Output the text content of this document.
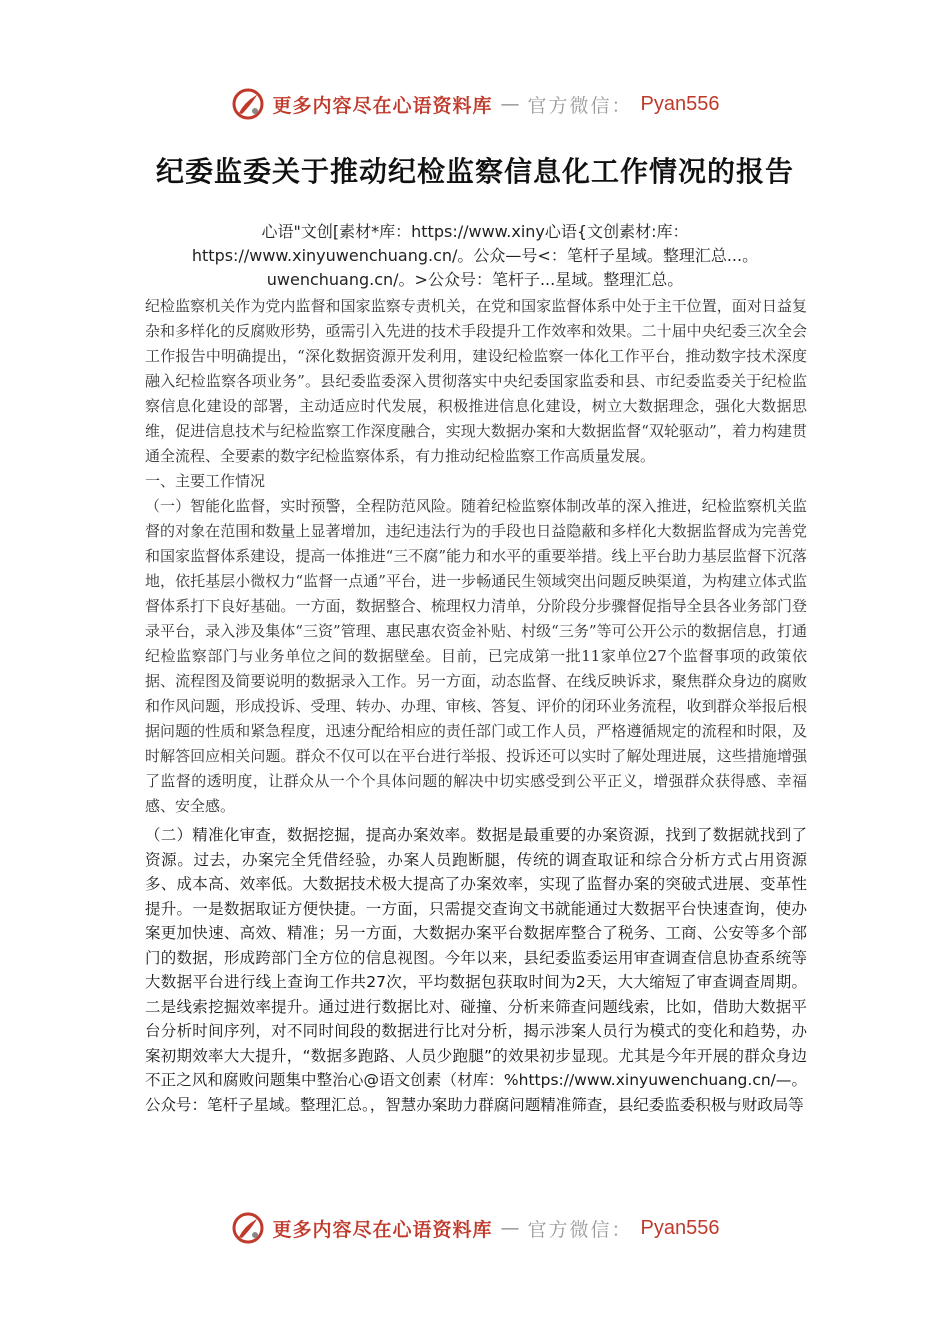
更多内容尽在心语资料库 — 官方微信： Pyan556
纪委监委关于推动纪检监察信息化工作情况的报告

心语"文创[素材*库：https://www.xiny心语{文创素材:库：https://www.xinyuwenchuang.cn/。公众—号<：笔杆子星域。整理汇总...。uwenchuang.cn/。>公众号：笔杆子...星域。整理汇总。

纪检监察机关作为党内监督和国家监察专责机关，在党和国家监督体系中处于主干位置，面对日益复杂和多样化的反腐败形势，亟需引入先进的技术手段提升工作效率和效果。二十届中央纪委三次全会工作报告中明确提出，“深化数据资源开发利用，建设纪检监察一体化工作平台，推动数字技术深度融入纪检监察各项业务”。县纪委监委深入贯彻落实中央纪委国家监委和县、市纪委监委关于纪检监察信息化建设的部署，主动适应时代发展，积极推进信息化建设，树立大数据理念，强化大数据思维，促进信息技术与纪检监察工作深度融合，实现大数据办案和大数据监督“双轮驱动”，着力构建贯通全流程、全要素的数字纪检监察体系，有力推动纪检监察工作高质量发展。

一、主要工作情况

（一）智能化监督，实时预警，全程防范风险。随着纪检监察体制改革的深入推进，纪检监察机关监督的对象在范围和数量上显著增加，违纪违法行为的手段也日益隐蔽和多样化大数据监督成为完善党和国家监督体系建设，提高一体推进“三不腐”能力和水平的重要举措。线上平台助力基层监督下沉落地，依托基层小微权力“监督一点通”平台，进一步畅通民生领域突出问题反映渠道，为构建立体式监督体系打下良好基础。一方面，数据整合、梳理权力清单，分阶段分步骤督促指导全县各业务部门登录平台，录入涉及集体“三资”管理、惠民惠农资金补贴、村级“三务”等可公开公示的数据信息，打通纪检监察部门与业务单位之间的数据壁垒。目前，已完成第一批11家单位27个监督事项的政策依据、流程图及简要说明的数据录入工作。另一方面，动态监督、在线反映诉求，聚焦群众身边的腐败和作风问题，形成投诉、受理、转办、办理、审核、答复、评价的闭环业务流程，收到群众举报后根据问题的性质和紧急程度，迅速分配给相应的责任部门或工作人员，严格遵循规定的流程和时限，及时解答回应相关问题。群众不仅可以在平台进行举报、投诉还可以实时了解处理进展，这些措施增强了监督的透明度，让群众从一个个具体问题的解决中切实感受到公平正义，增强群众获得感、幸福感、安全感。

（二）精准化审查，数据挖掘，提高办案效率。数据是最重要的办案资源，找到了数据就找到了资源。过去，办案完全凭借经验，办案人员跑断腿，传统的调查取证和综合分析方式占用资源多、成本高、效率低。大数据技术极大提高了办案效率，实现了监督办案的突破式进展、变革性提升。一是数据取证方便快捷。一方面，只需提交查询文书就能通过大数据平台快速查询，使办案更加快速、高效、精准；另一方面，大数据办案平台数据库整合了税务、工商、公安等多个部门的数据，形成跨部门全方位的信息视图。今年以来，县纪委监委运用审查调查信息协查系统等大数据平台进行线上查询工作共27次，平均数据包获取时间为2天，大大缩短了审查调查周期。二是线索挖掘效率提升。通过进行数据比对、碰撞、分析来筛查问题线索，比如，借助大数据平台分析时间序列，对不同时间段的数据进行比对分析，揭示涉案人员行为模式的变化和趋势，办案初期效率大大提升，“数据多跑路、人员少跑腿”的效果初步显现。尤其是今年开展的群众身边不正之风和腐败问题集中整治心@语文创素（材库：%https://www.xinyuwenchuang.cn/—。公众号：笔杆子星域。整理汇总。，智慧办案助力群腐问题精准筛查，县纪委监委积极与财政局等

更多内容尽在心语资料库 — 官方微信： Pyan556
